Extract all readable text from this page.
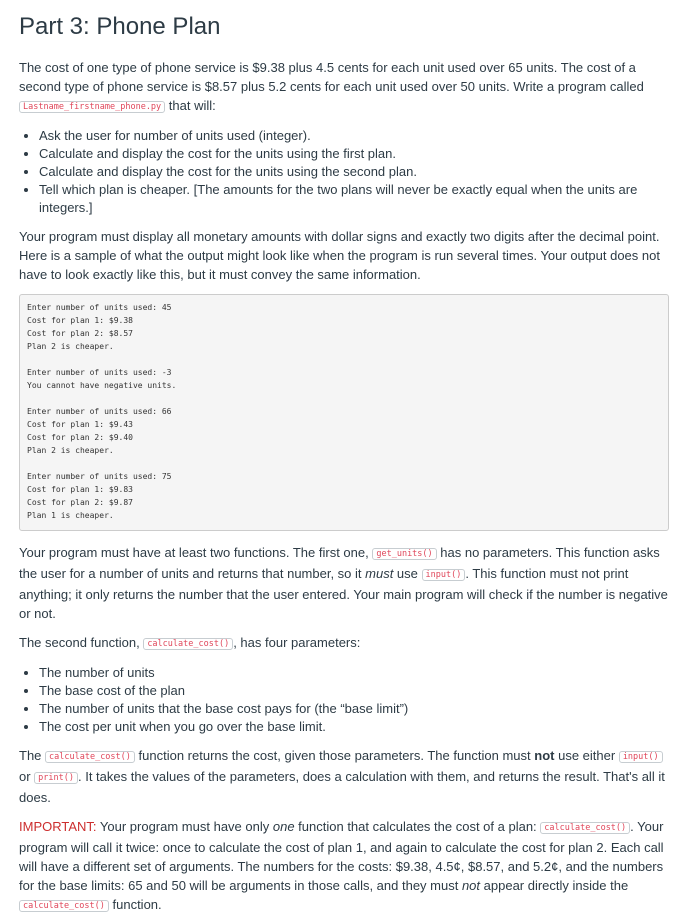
Part 3: Phone Plan

The cost of one type of phone service is $9.38 plus 4.5 cents for each unit used over 65 units. The cost of a second type of phone service is $8.57 plus 5.2 cents for each unit used over 50 units. Write a program called Lastname_firstname_phone.py that will:

• Ask the user for number of units used (integer).
• Calculate and display the cost for the units using the first plan.
• Calculate and display the cost for the units using the second plan.
• Tell which plan is cheaper. [The amounts for the two plans will never be exactly equal when the units are integers.]

Your program must display all monetary amounts with dollar signs and exactly two digits after the decimal point. Here is a sample of what the output might look like when the program is run several times. Your output does not have to look exactly like this, but it must convey the same information.

Enter number of units used: 45
Cost for plan 1: $9.38
Cost for plan 2: $8.57
Plan 2 is cheaper.
Enter number of units used: -3
You cannot have negative units.
Enter number of units used: 66
Cost for plan 1: $9.43
Cost for plan 2: $9.40
Plan 2 is cheaper.
Enter number of units used: 75
Cost for plan 1: $9.83
Cost for plan 2: $9.87
Plan 1 is cheaper.

Your program must have at least two functions. The first one, get_units() has no parameters. This function asks the user for a number of units and returns that number, so it must use input() . This function must not print anything; it only returns the number that the user entered. Your main program will check if the number is negative or not.

The second function, calculate_cost() , has four parameters:

• The number of units
• The base cost of the plan
• The number of units that the base cost pays for (the “base limit”)
• The cost per unit when you go over the base limit.

The calculate_cost() function returns the cost, given those parameters. The function must not use either input() or print() . It takes the values of the parameters, does a calculation with them, and returns the result. That's all it does.

IMPORTANT: Your program must have only one function that calculates the cost of a plan: calculate_cost() . Your program will call it twice: once to calculate the cost of plan 1, and again to calculate the cost for plan 2. Each call will have a different set of arguments. The numbers for the costs: $9.38, 4.5¢, $8.57, and 5.2¢, and the numbers for the base limits: 65 and 50 will be arguments in those calls, and they must not appear directly inside the calculate_cost() function.
